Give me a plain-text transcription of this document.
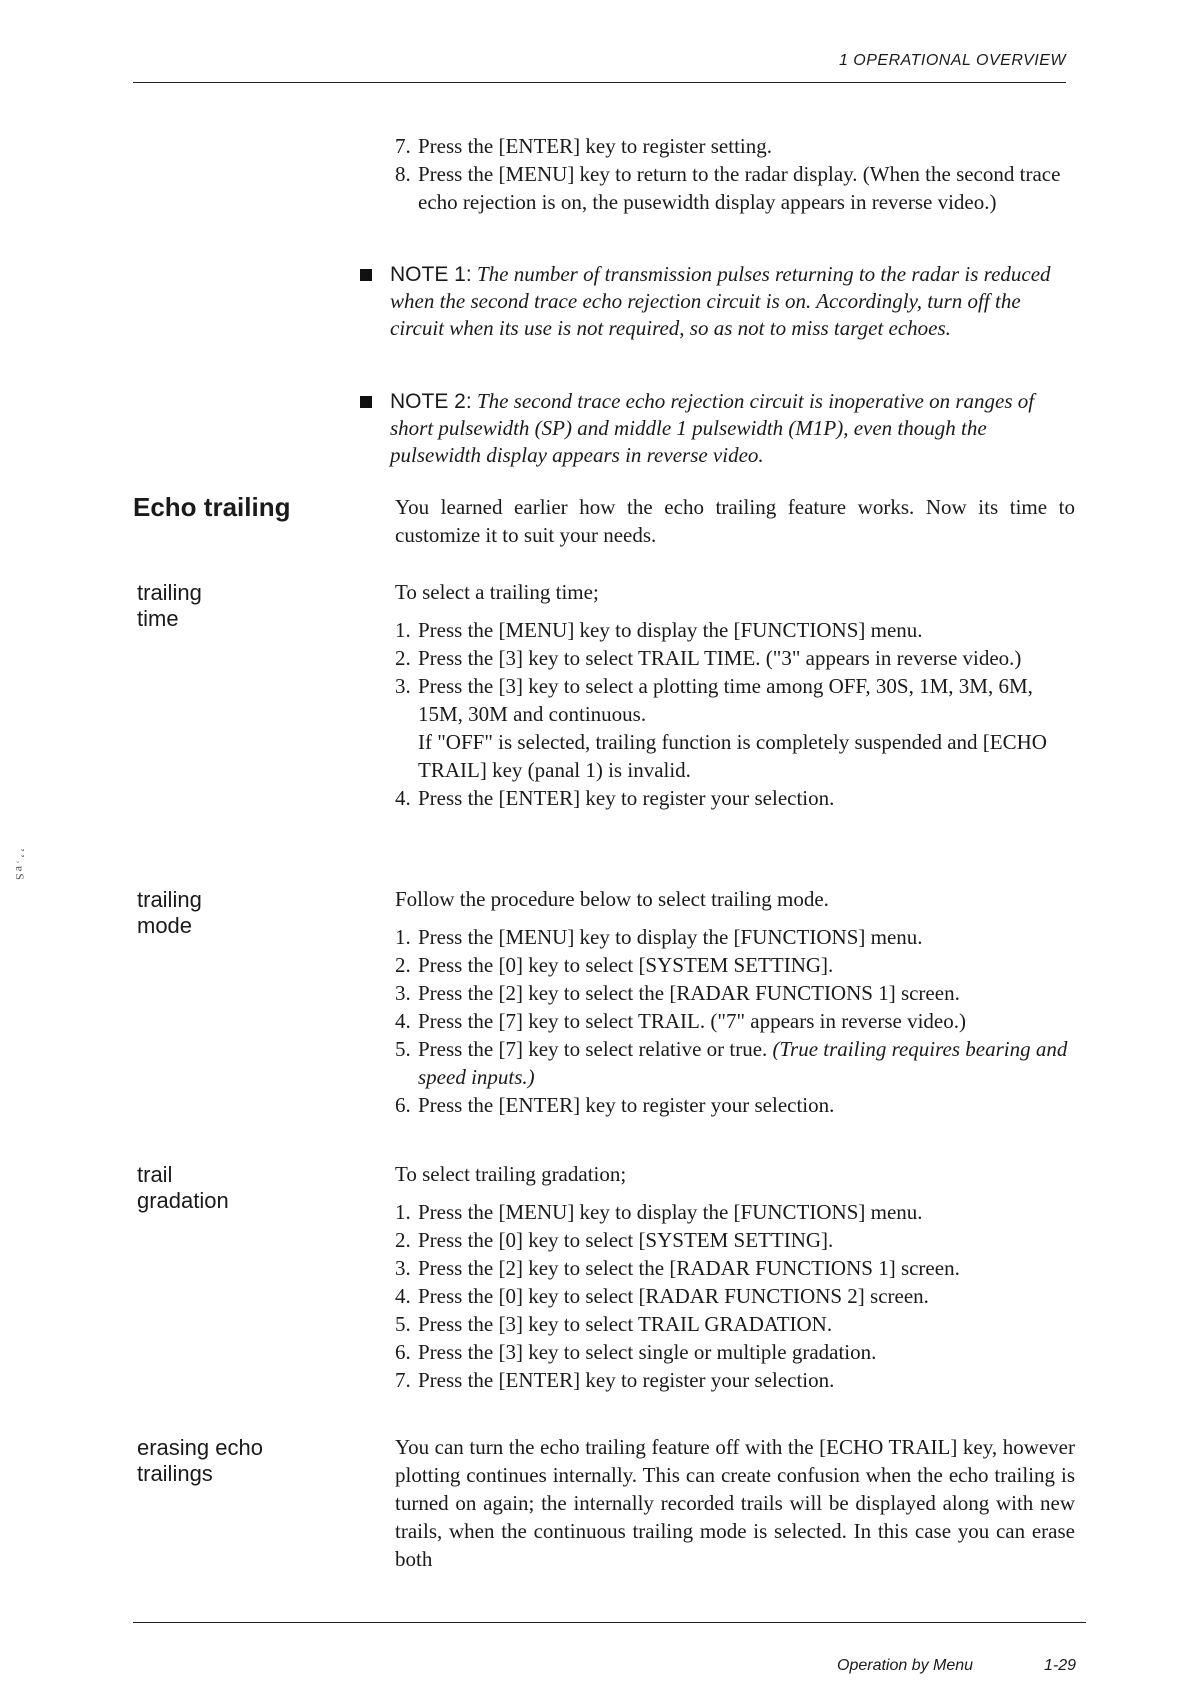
1 OPERATIONAL OVERVIEW
ʼʼ˒ɐS
7. Press the [ENTER] key to register setting.
8. Press the [MENU] key to return to the radar display. (When the second trace echo rejection is on, the pusewidth display appears in reverse video.)
NOTE 1: The number of transmission pulses returning to the radar is reduced when the second trace echo rejection circuit is on. Accordingly, turn off the circuit when its use is not required, so as not to miss target echoes.
NOTE 2: The second trace echo rejection circuit is inoperative on ranges of short pulsewidth (SP) and middle 1 pulsewidth (M1P), even though the pulsewidth display appears in reverse video.
Echo trailing	You learned earlier how the echo trailing feature works. Now its time to customize it to suit your needs.

trailing
time

To select a trailing time;

1. Press the [MENU] key to display the [FUNCTIONS] menu.
2. Press the [3] key to select TRAIL TIME. ("3" appears in reverse video.)
3. Press the [3] key to select a plotting time among OFF, 30S, 1M, 3M, 6M, 15M, 30M and continuous.
If "OFF" is selected, trailing function is completely suspended and [ECHO TRAIL] key (panal 1) is invalid.
4. Press the [ENTER] key to register your selection.
trailing
mode

Follow the procedure below to select trailing mode.

1. Press the [MENU] key to display the [FUNCTIONS] menu.
2. Press the [0] key to select [SYSTEM SETTING].
3. Press the [2] key to select the [RADAR FUNCTIONS 1] screen.
4. Press the [7] key to select TRAIL. ("7" appears in reverse video.)
5. Press the [7] key to select relative or true. (True trailing requires bearing and speed inputs.)
6. Press the [ENTER] key to register your selection.
trail
gradation

To select trailing gradation;

1. Press the [MENU] key to display the [FUNCTIONS] menu.
2. Press the [0] key to select [SYSTEM SETTING].
3. Press the [2] key to select the [RADAR FUNCTIONS 1] screen.
4. Press the [0] key to select [RADAR FUNCTIONS 2] screen.
5. Press the [3] key to select TRAIL GRADATION.
6. Press the [3] key to select single or multiple gradation.
7. Press the [ENTER] key to register your selection.
erasing echo
trailings

You can turn the echo trailing feature off with the [ECHO TRAIL] key, however plotting continues internally. This can create confusion when the echo trailing is turned on again; the internally recorded trails will be displayed along with new trails, when the continuous trailing mode is selected. In this case you can erase both

Operation by Menu	1-29
